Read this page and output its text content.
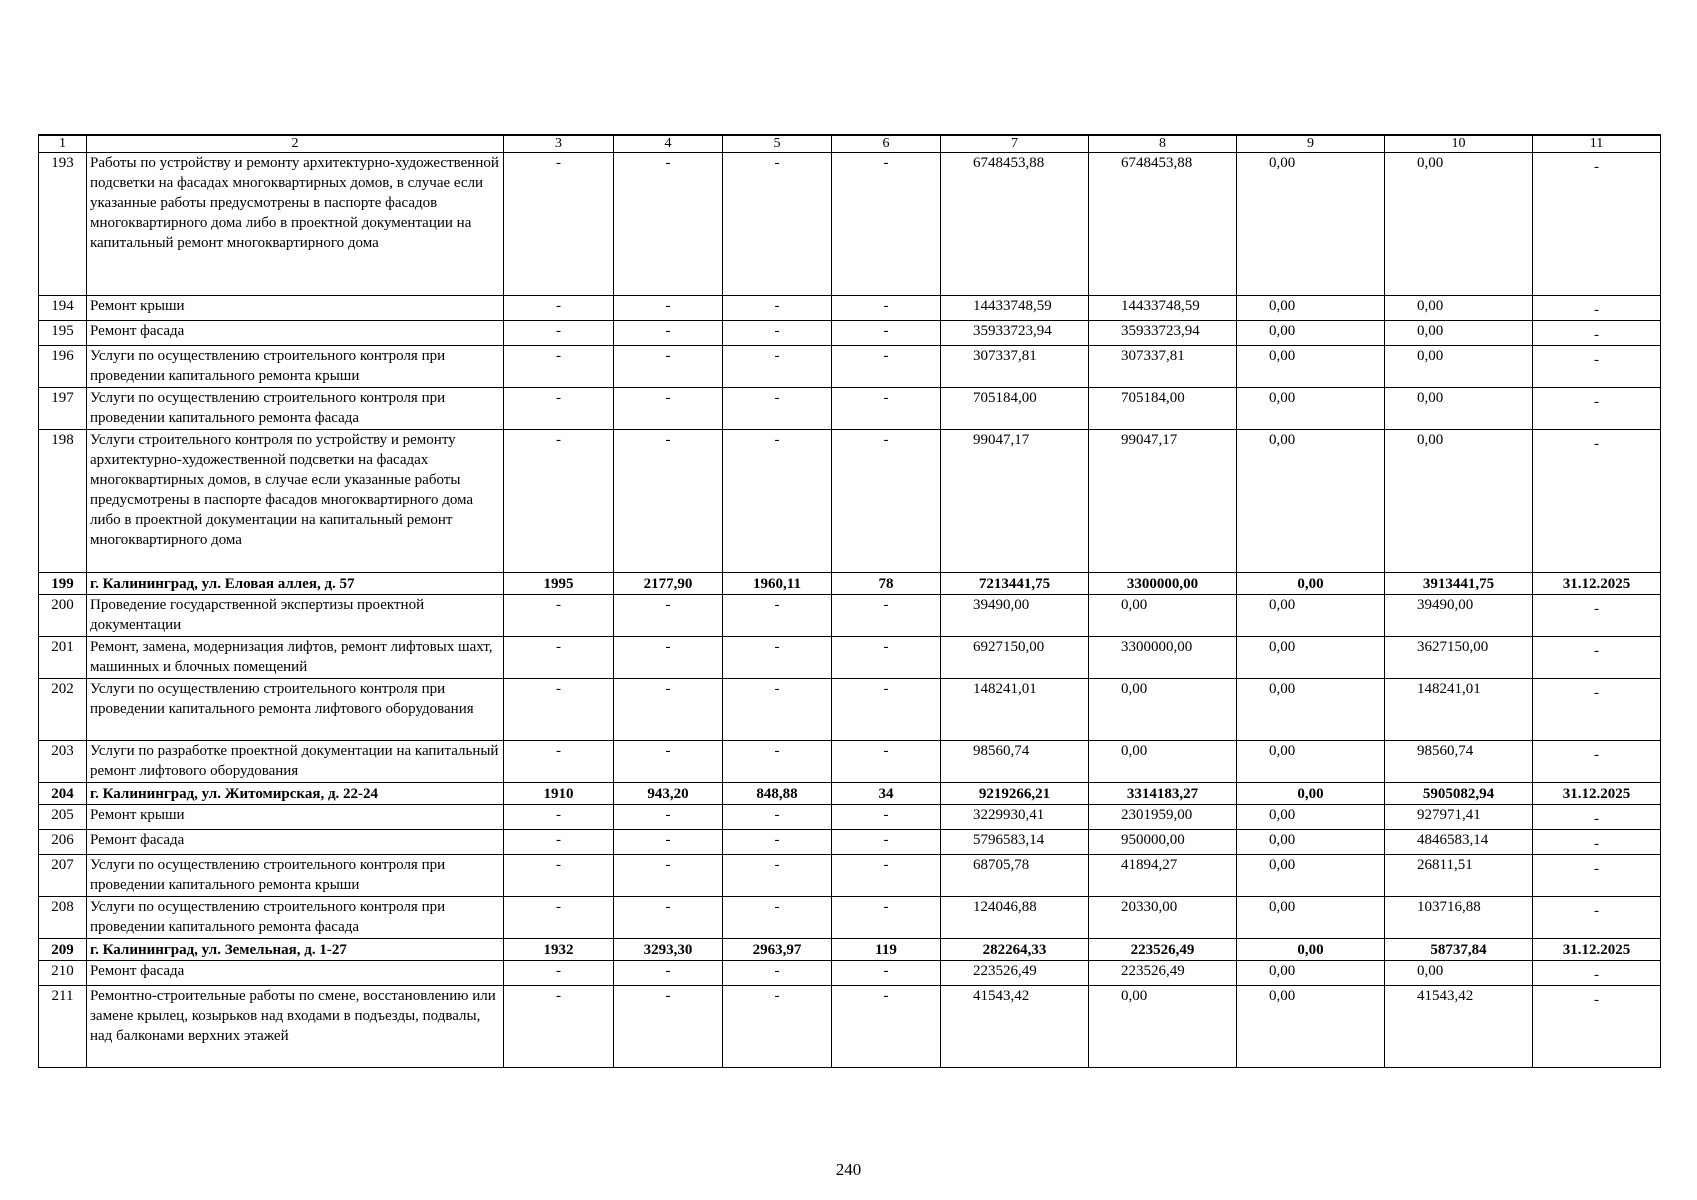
1	2	3	4	5	6	7	8	9	10	11
193	Работы по устройству и ремонту архитектурно-художественной подсветки на фасадах многоквартирных домов, в случае если указанные работы предусмотрены в паспорте фасадов многоквартирного дома либо в проектной документации на капитальный ремонт многоквартирного дома	-	-	-	-	6748453,88	6748453,88	0,00	0,00	-
194	Ремонт крыши	-	-	-	-	14433748,59	14433748,59	0,00	0,00	-
195	Ремонт фасада	-	-	-	-	35933723,94	35933723,94	0,00	0,00	-
196	Услуги по осуществлению строительного контроля при проведении капитального ремонта крыши	-	-	-	-	307337,81	307337,81	0,00	0,00	-
197	Услуги по осуществлению строительного контроля при проведении капитального ремонта фасада	-	-	-	-	705184,00	705184,00	0,00	0,00	-
198	Услуги строительного контроля по устройству и ремонту архитектурно-художественной подсветки на фасадах многоквартирных домов, в случае если указанные работы предусмотрены в паспорте фасадов многоквартирного дома либо в проектной документации на капитальный ремонт многоквартирного дома	-	-	-	-	99047,17	99047,17	0,00	0,00	-
199	г. Калининград, ул. Еловая аллея, д. 57	1995	2177,90	1960,11	78	7213441,75	3300000,00	0,00	3913441,75	31.12.2025
200	Проведение государственной экспертизы проектной документации	-	-	-	-	39490,00	0,00	0,00	39490,00	-
201	Ремонт, замена, модернизация лифтов, ремонт лифтовых шахт, машинных и блочных помещений	-	-	-	-	6927150,00	3300000,00	0,00	3627150,00	-
202	Услуги по осуществлению строительного контроля при проведении капитального ремонта лифтового оборудования	-	-	-	-	148241,01	0,00	0,00	148241,01	-
203	Услуги по разработке проектной документации на капитальный ремонт лифтового оборудования	-	-	-	-	98560,74	0,00	0,00	98560,74	-
204	г. Калининград, ул. Житомирская, д. 22-24	1910	943,20	848,88	34	9219266,21	3314183,27	0,00	5905082,94	31.12.2025
205	Ремонт крыши	-	-	-	-	3229930,41	2301959,00	0,00	927971,41	-
206	Ремонт фасада	-	-	-	-	5796583,14	950000,00	0,00	4846583,14	-
207	Услуги по осуществлению строительного контроля при проведении капитального ремонта крыши	-	-	-	-	68705,78	41894,27	0,00	26811,51	-
208	Услуги по осуществлению строительного контроля при проведении капитального ремонта фасада	-	-	-	-	124046,88	20330,00	0,00	103716,88	-
209	г. Калининград, ул. Земельная, д. 1-27	1932	3293,30	2963,97	119	282264,33	223526,49	0,00	58737,84	31.12.2025
210	Ремонт фасада	-	-	-	-	223526,49	223526,49	0,00	0,00	-
211	Ремонтно-строительные работы по смене, восстановлению или замене крылец, козырьков над входами в подъезды, подвалы, над балконами верхних этажей	-	-	-	-	41543,42	0,00	0,00	41543,42	-
240
